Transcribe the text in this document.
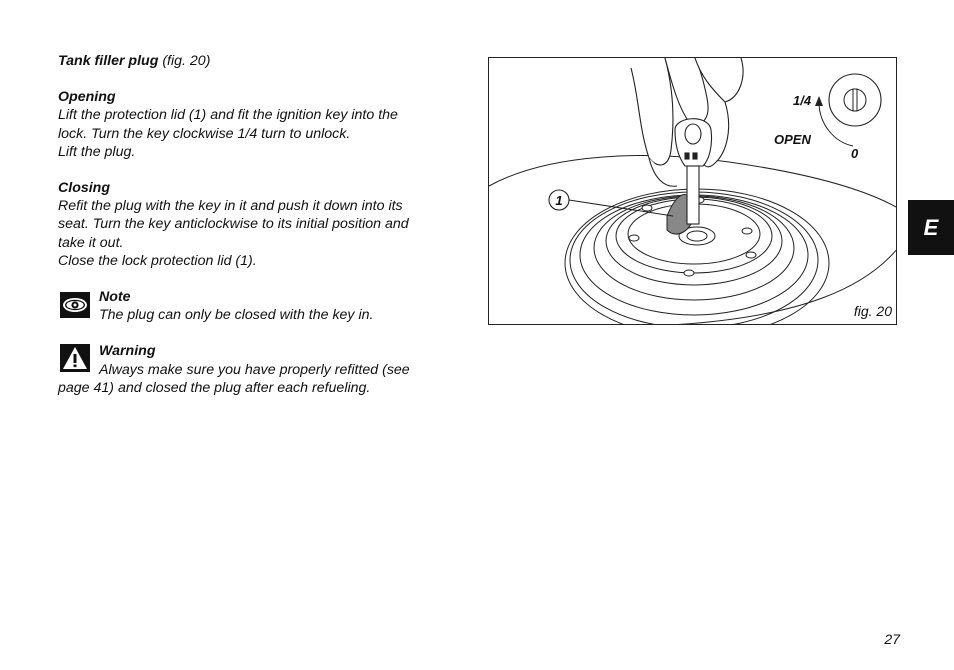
Tank filler plug (fig. 20)

Opening

Lift the protection lid (1) and fit the ignition key into the

lock. Turn the key clockwise 1/4 turn to unlock.

Lift the plug.

Closing

Refit the plug with the key in it and push it down into its

seat. Turn the key anticlockwise to its initial position and

take it out.

Close the lock protection lid (1).

Note

The plug can only be closed with the key in.

Warning

Always make sure you have properly refitted (see

page 41) and closed the plug after each refueling.

1
1/4
OPEN
0
fig. 20
E
27
